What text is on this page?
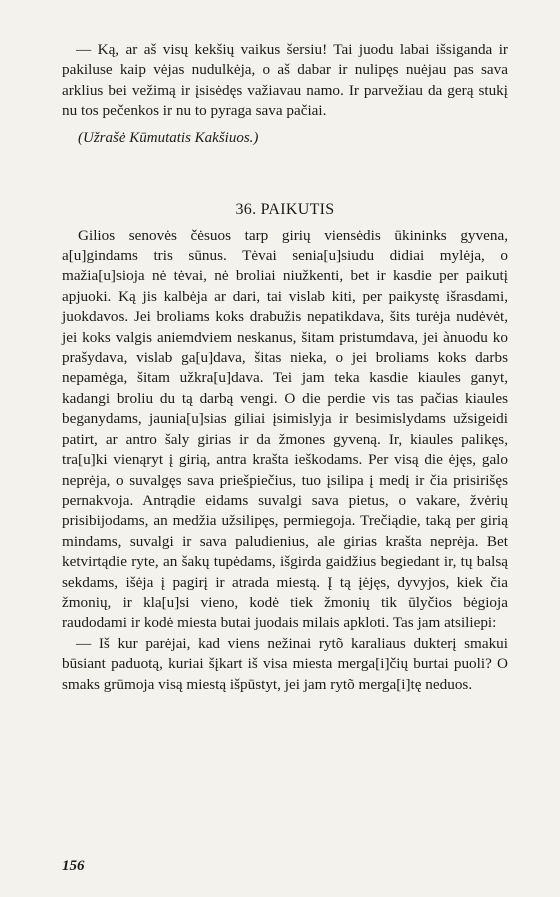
— Ką, ar aš visų kekšių vaikus šersiu! Tai juodu labai išsiganda ir pakiluse kaip vėjas nudulkėja, o aš dabar ir nulipęs nuėjau pas sava arklius bei vežimą ir įsisėdęs važiavau namo. Ir parvežiau da gerą stukį nu tos pečenkos ir nu to pyraga sava pačiai.

(Užrašė Kūmutatis Kakšiuos.)
36. PAIKUTIS

Gilios senovės čėsuos tarp girių viensėdis ūkininks gyvena, a[u]gindams tris sūnus. Tėvai senia[u]siudu didiai mylėja, o mažia[u]sioja nė tėvai, nė broliai niužkenti, bet ir kasdie per paikutį apjuoki. Ką jis kalbėja ar dari, tai vislab kiti, per paikystę išrasdami, juokdavos. Jei broliams koks drabužis nepatikdava, šits turėja nudėvėt, jei koks valgis aniemdviem neskanus, šitam pristumdava, jei ànuodu ko prašydava, vislab ga[u]dava, šitas nieka, o jei broliams koks darbs nepamėga, šitam užkra[u]dava. Tei jam teka kasdie kiaules ganyt, kadangi broliu du tą darbą vengi. O die perdie vis tas pačias kiaules beganydams, jaunia[u]sias giliai įsimislyja ir besimislydams užsigeidi patirt, ar antro šaly girias ir da žmones gyveną. Ir, kiaules palikęs, tra[u]ki vienąryt į girią, antra krašta ieškodams. Per visą die ėjęs, galo neprėja, o suvalgęs sava priešpiečius, tuo įsilipa į medį ir čia prisirišęs pernakvoja. Antrądie eidams suvalgi sava pietus, o vakare, žvėrių prisibijodams, an medžia užsilipęs, permiegoja. Trečiądie, taką per girią mindams, suvalgi ir sava paludienius, ale girias krašta neprėja. Bet ketvirtądie ryte, an šakų tupėdams, išgirda gaidžius begiedant ir, tų balsą sekdams, išėja į pagirį ir atrada miestą. Į tą įėjęs, dyvyjos, kiek čia žmonių, ir kla[u]si vieno, kodė tiek žmonių tik ūlyčios bėgioja raudodami ir kodė miesta butai juodais milais apkloti. Tas jam atsiliepi:

— Iš kur parėjai, kad viens nežinai rytõ karaliaus dukterį smakui būsiant paduotą, kuriai šįkart iš visa miesta merga[i]čių burtai puoli? O smaks grūmoja visą miestą išpūstyt, jei jam rytõ merga[i]tę neduos.

156
